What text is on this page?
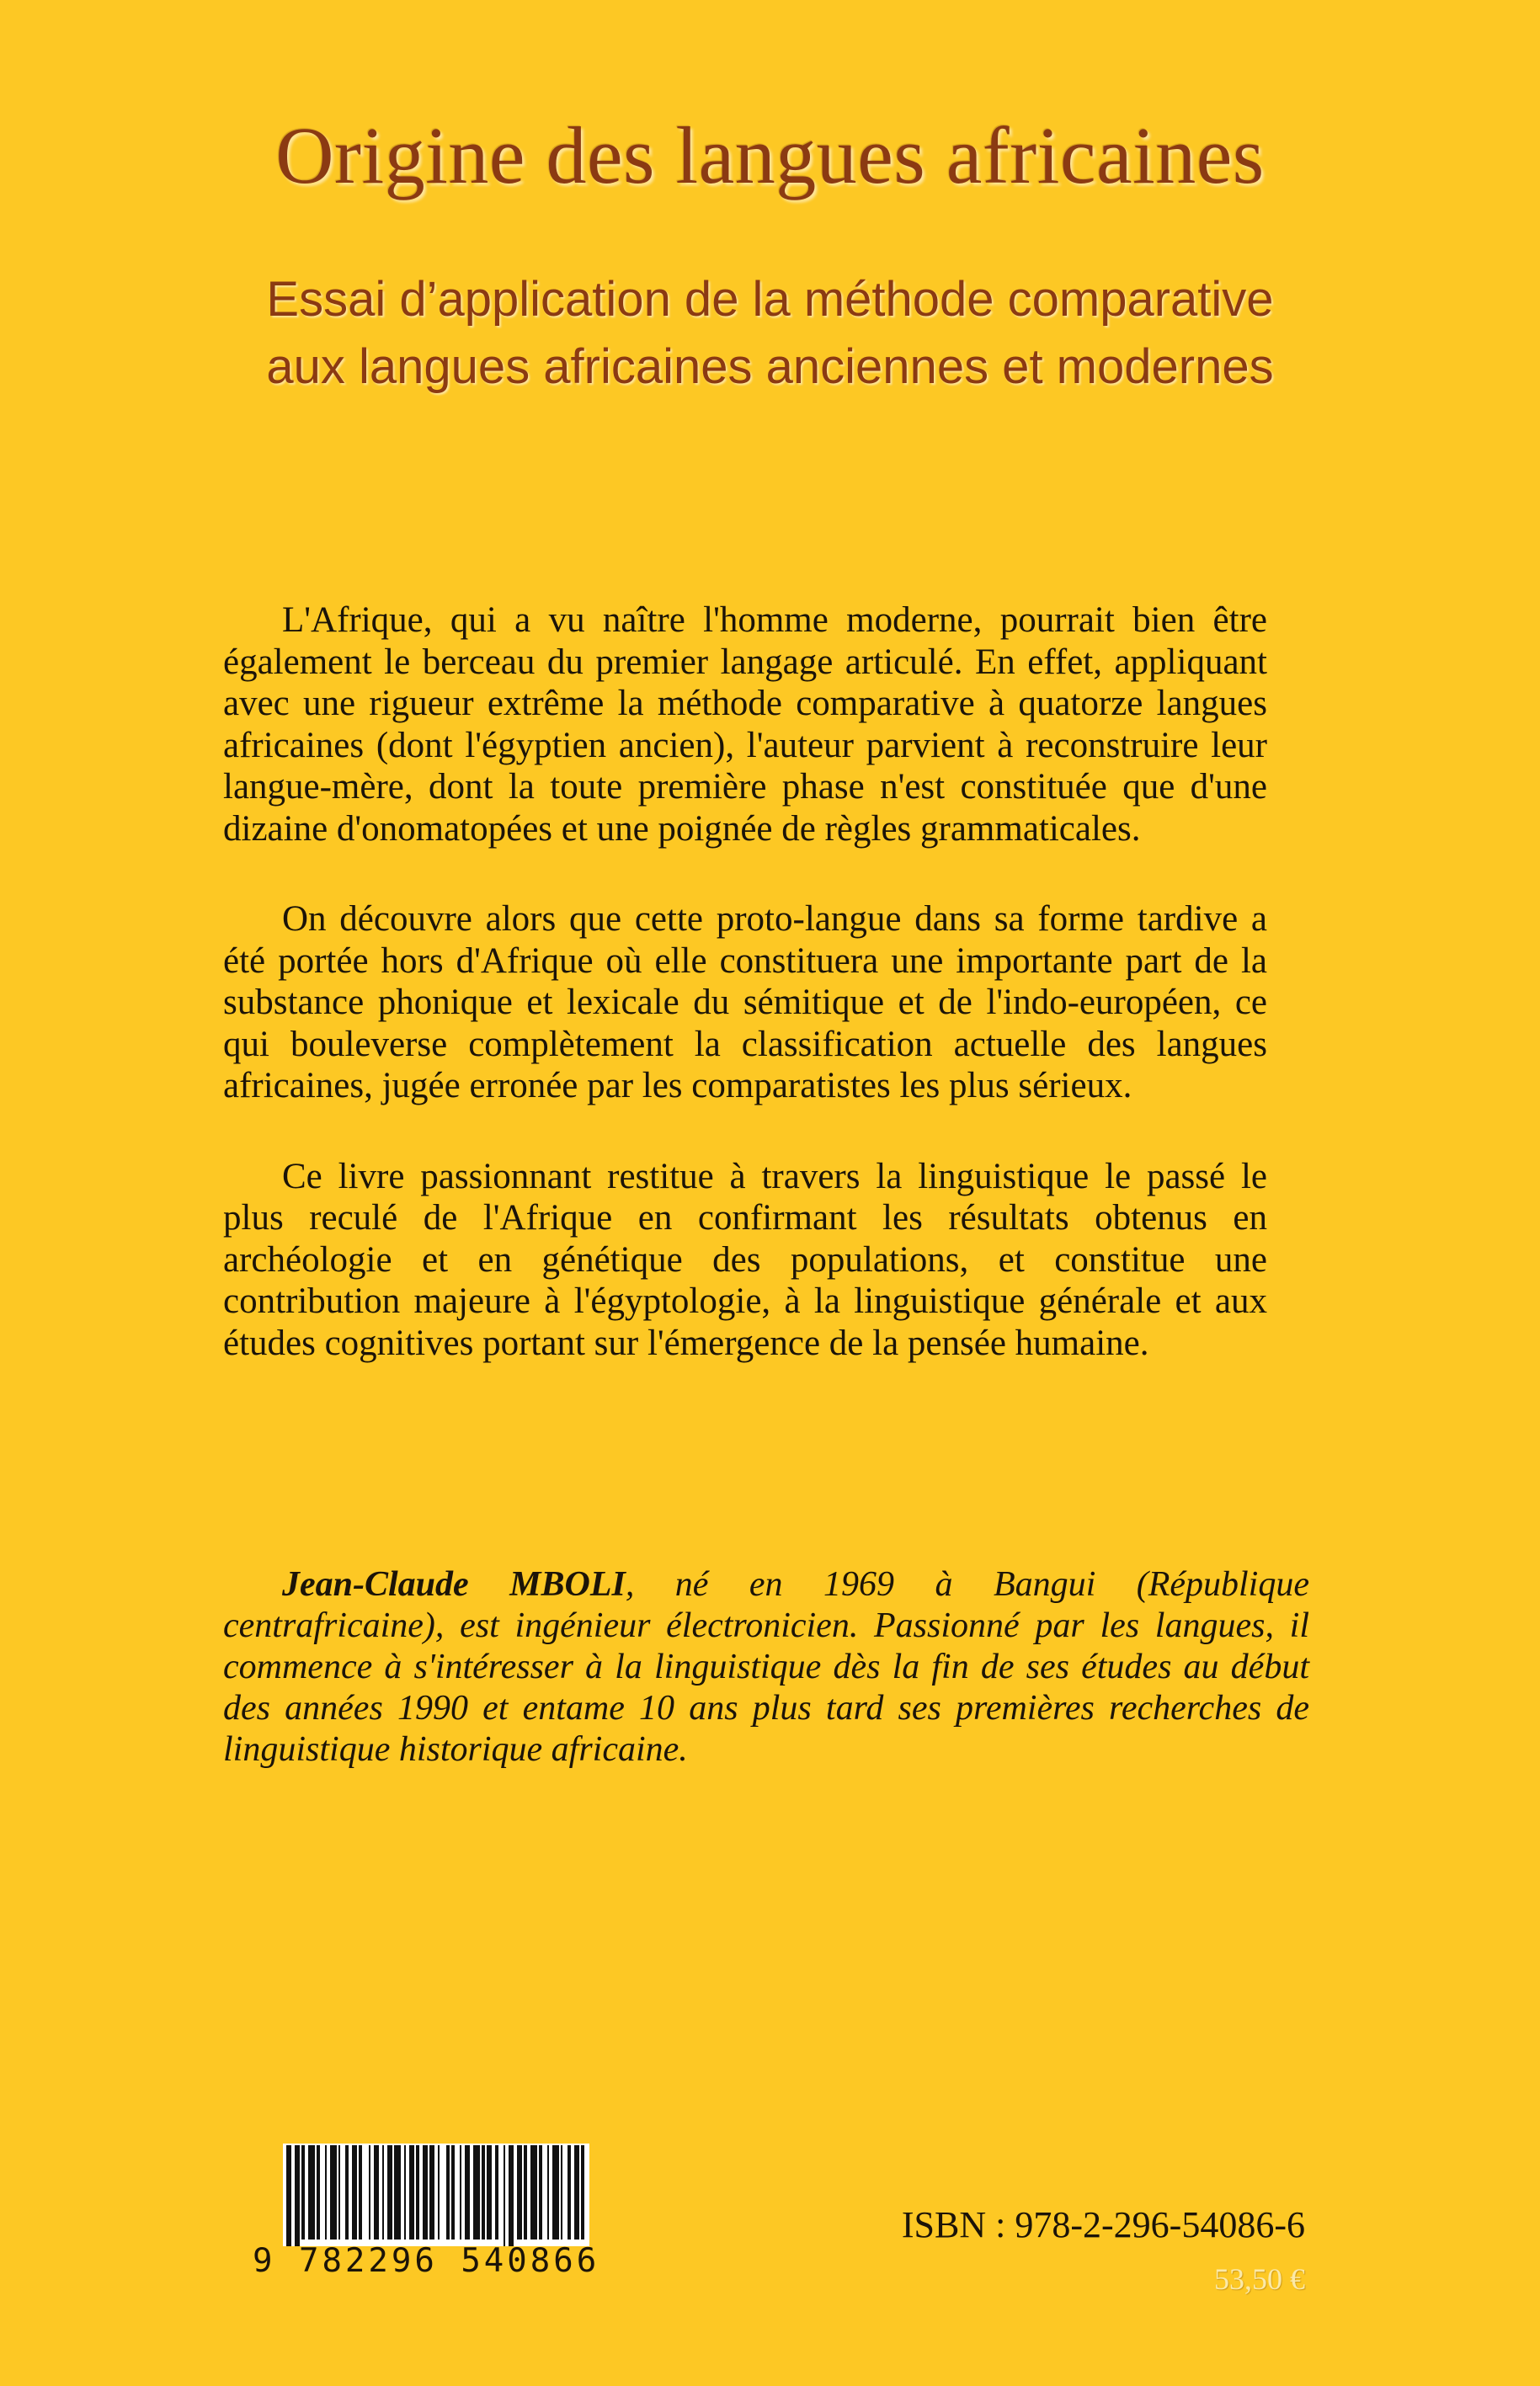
Origine des langues africaines
Essai d’application de la méthode comparative
aux langues africaines anciennes et modernes

L'Afrique, qui a vu naître l'homme moderne, pourrait bien être également le berceau du premier langage articulé. En effet, appliquant avec une rigueur extrême la méthode comparative à quatorze langues africaines (dont l'égyptien ancien), l'auteur parvient à reconstruire leur langue-mère, dont la toute première phase n'est constituée que d'une dizaine d'onomatopées et une poignée de règles grammaticales.

On découvre alors que cette proto-langue dans sa forme tardive a été portée hors d'Afrique où elle constituera une importante part de la substance phonique et lexicale du sémitique et de l'indo-européen, ce qui bouleverse complètement la classification actuelle des langues africaines, jugée erronée par les comparatistes les plus sérieux.

Ce livre passionnant restitue à travers la linguistique le passé le plus reculé de l'Afrique en confirmant les résultats obtenus en archéologie et en génétique des populations, et constitue une contribution majeure à l'égyptologie, à la linguistique générale et aux études cognitives portant sur l'émergence de la pensée humaine.

Jean-Claude MBOLI, né en 1969 à Bangui (République centrafricaine), est ingénieur électronicien. Passionné par les langues, il commence à s'intéresser à la linguistique dès la fin de ses études au début des années 1990 et entame 10 ans plus tard ses premières recherches de linguistique historique africaine.

9 782296 540866
ISBN : 978-2-296-54086-6
53,50 €
